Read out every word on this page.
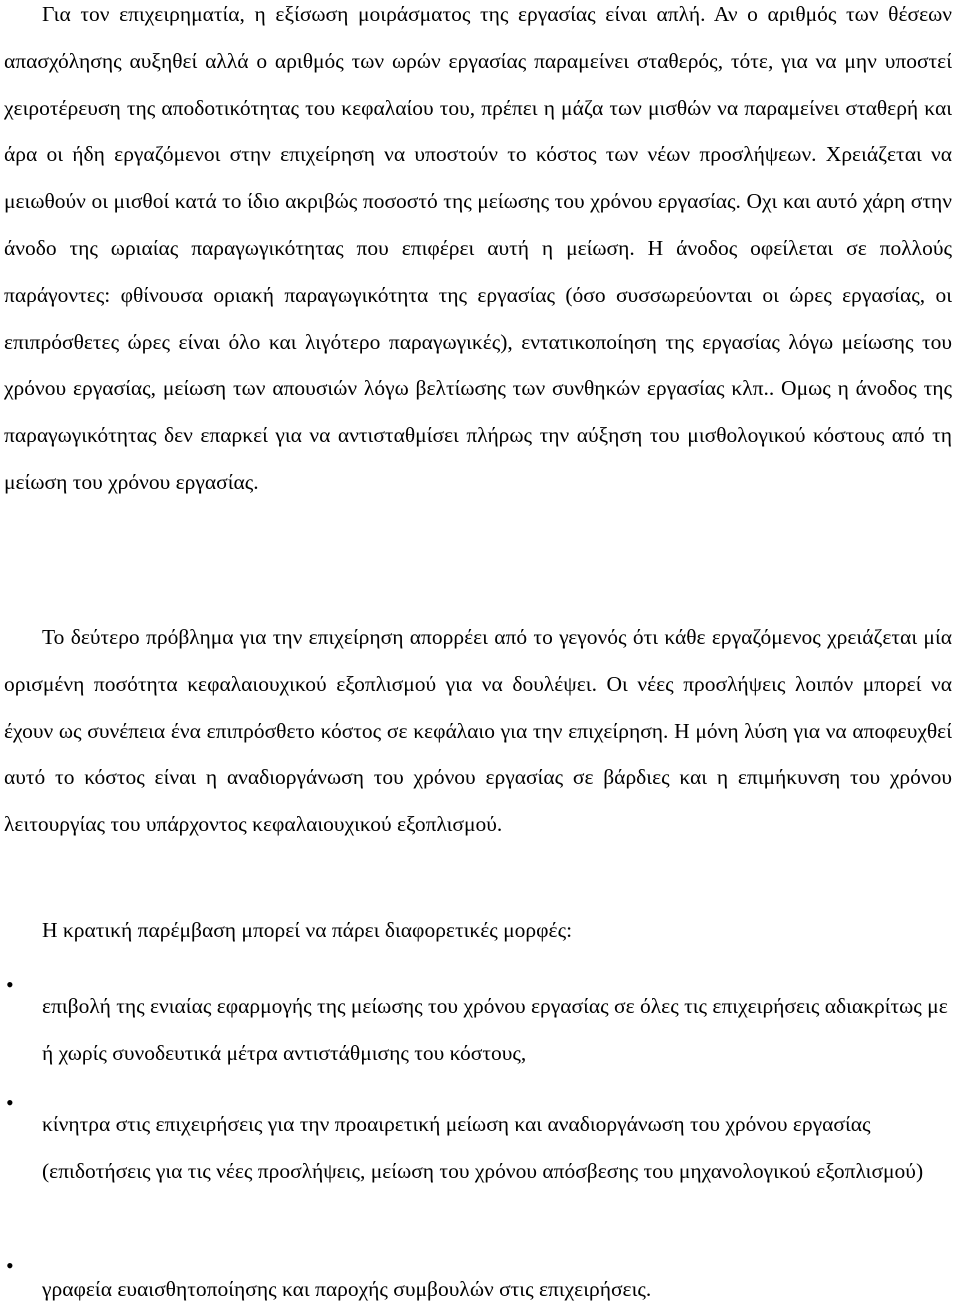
Για τον επιχειρηματία, η εξίσωση μοιράσματος της εργασίας είναι απλή. Αν ο αριθμός των θέσεων απασχόλησης αυξηθεί αλλά ο αριθμός των ωρών εργασίας παραμείνει σταθερός, τότε, για να μην υποστεί χειροτέρευση της αποδοτικότητας του κεφαλαίου του, πρέπει η μάζα των μισθών να παραμείνει σταθερή και άρα οι ήδη εργαζόμενοι στην επιχείρηση να υποστούν το κόστος των νέων προσλήψεων. Χρειάζεται να μειωθούν οι μισθοί κατά το ίδιο ακριβώς ποσοστό της μείωσης του χρόνου εργασίας. Οχι και αυτό χάρη στην άνοδο της ωριαίας παραγωγικότητας που επιφέρει αυτή η μείωση. Η άνοδος οφείλεται σε πολλούς παράγοντες: φθίνουσα οριακή παραγωγικότητα της εργασίας (όσο συσσωρεύονται οι ώρες εργασίας, οι επιπρόσθετες ώρες είναι όλο και λιγότερο παραγωγικές), εντατικοποίηση της εργασίας λόγω μείωσης του χρόνου εργασίας, μείωση των απουσιών λόγω βελτίωσης των συνθηκών εργασίας κλπ.. Ομως η άνοδος της παραγωγικότητας δεν επαρκεί για να αντισταθμίσει πλήρως την αύξηση του μισθολογικού κόστους από τη μείωση του χρόνου εργασίας.

Το δεύτερο πρόβλημα για την επιχείρηση απορρέει από το γεγονός ότι κάθε εργαζόμενος χρειάζεται μία ορισμένη ποσότητα κεφαλαιουχικού εξοπλισμού για να δουλέψει. Οι νέες προσλήψεις λοιπόν μπορεί να έχουν ως συνέπεια ένα επιπρόσθετο κόστος σε κεφάλαιο για την επιχείρηση. Η μόνη λύση για να αποφευχθεί αυτό το κόστος είναι η αναδιοργάνωση του χρόνου εργασίας σε βάρδιες και η επιμήκυνση του χρόνου λειτουργίας του υπάρχοντος κεφαλαιουχικού εξοπλισμού.

Η κρατική παρέμβαση μπορεί να πάρει διαφορετικές μορφές:

•

επιβολή της ενιαίας εφαρμογής της μείωσης του χρόνου εργασίας σε όλες τις επιχειρήσεις αδιακρίτως με ή χωρίς συνοδευτικά μέτρα αντιστάθμισης του κόστους,

•

κίνητρα στις επιχειρήσεις για την προαιρετική μείωση και αναδιοργάνωση του χρόνου εργασίας (επιδοτήσεις για τις νέες προσλήψεις, μείωση του χρόνου απόσβεσης του μηχανολογικού εξοπλισμού)

•

γραφεία ευαισθητοποίησης και παροχής συμβουλών στις επιχειρήσεις.
